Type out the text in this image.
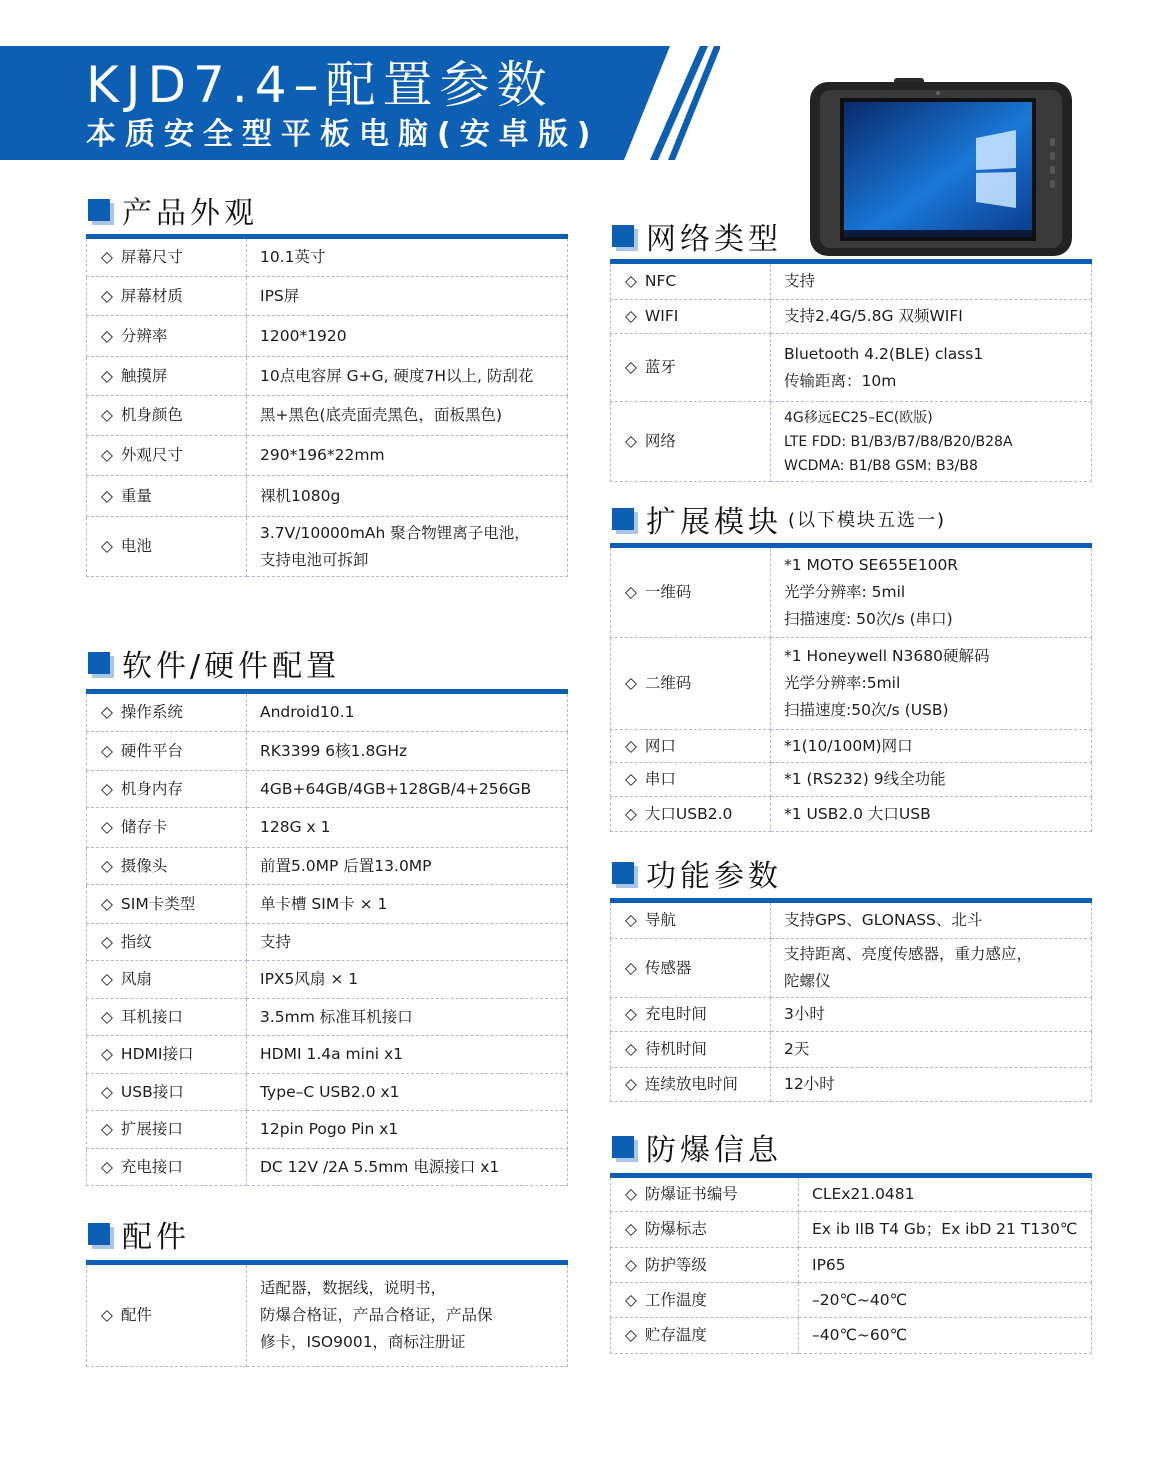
KJD7.4–配置参数
本质安全型平板电脑(安卓版)
产品外观
◇ 屏幕尺寸	10.1英寸

◇ 屏幕材质	IPS屏

◇ 分辨率	1200*1920

◇ 触摸屏	10点电容屏 G+G, 硬度7H以上, 防刮花

◇ 机身颜色	黑+黑色(底壳面壳黑色，面板黑色)

◇ 外观尺寸	290*196*22mm

◇ 重量	裸机1080g

◇ 电池	3.7V/10000mAh 聚合物锂离子电池，
支持电池可拆卸
软件/硬件配置
◇ 操作系统	Android10.1

◇ 硬件平台	RK3399 6核1.8GHz

◇ 机身内存	4GB+64GB/4GB+128GB/4+256GB

◇ 储存卡	128G x 1

◇ 摄像头	前置5.0MP 后置13.0MP

◇ SIM卡类型	单卡槽 SIM卡 × 1

◇ 指纹	支持

◇ 风扇	IPX5风扇 × 1

◇ 耳机接口	3.5mm 标准耳机接口

◇ HDMI接口	HDMI 1.4a mini x1

◇ USB接口	Type–C USB2.0 x1

◇ 扩展接口	12pin Pogo Pin x1

◇ 充电接口	DC 12V /2A 5.5mm 电源接口 x1
配件
◇ 配件	
适配器，数据线，说明书，
防爆合格证，产品合格证，产品保
修卡，ISO9001，商标注册证
网络类型
◇ NFC	支持

◇ WIFI	支持2.4G/5.8G 双频WIFI

◇ 蓝牙	Bluetooth 4.2(BLE) class1
传输距离：10m

◇ 网络	4G移远EC25–EC(欧版)
LTE FDD: B1/B3/B7/B8/B20/B28A
WCDMA: B1/B8 GSM: B3/B8
扩展模块 (以下模块五选一)
◇ 一维码	*1 MOTO SE655E100R
光学分辨率: 5mil
扫描速度: 50次/s (串口)

◇ 二维码	*1 Honeywell N3680硬解码
光学分辨率:5mil
扫描速度:50次/s (USB)

◇ 网口	*1(10/100M)网口

◇ 串口	*1 (RS232) 9线全功能

◇ 大口USB2.0	*1 USB2.0 大口USB
功能参数
◇ 导航	支持GPS、GLONASS、北斗

◇ 传感器	支持距离、亮度传感器，重力感应，
陀螺仪

◇ 充电时间	3小时

◇ 待机时间	2天

◇ 连续放电时间	12小时
防爆信息
◇ 防爆证书编号	CLEx21.0481

◇ 防爆标志	Ex ib IIB T4 Gb；Ex ibD 21 T130℃

◇ 防护等级	IP65

◇ 工作温度	–20℃~40℃

◇ 贮存温度	–40℃~60℃
